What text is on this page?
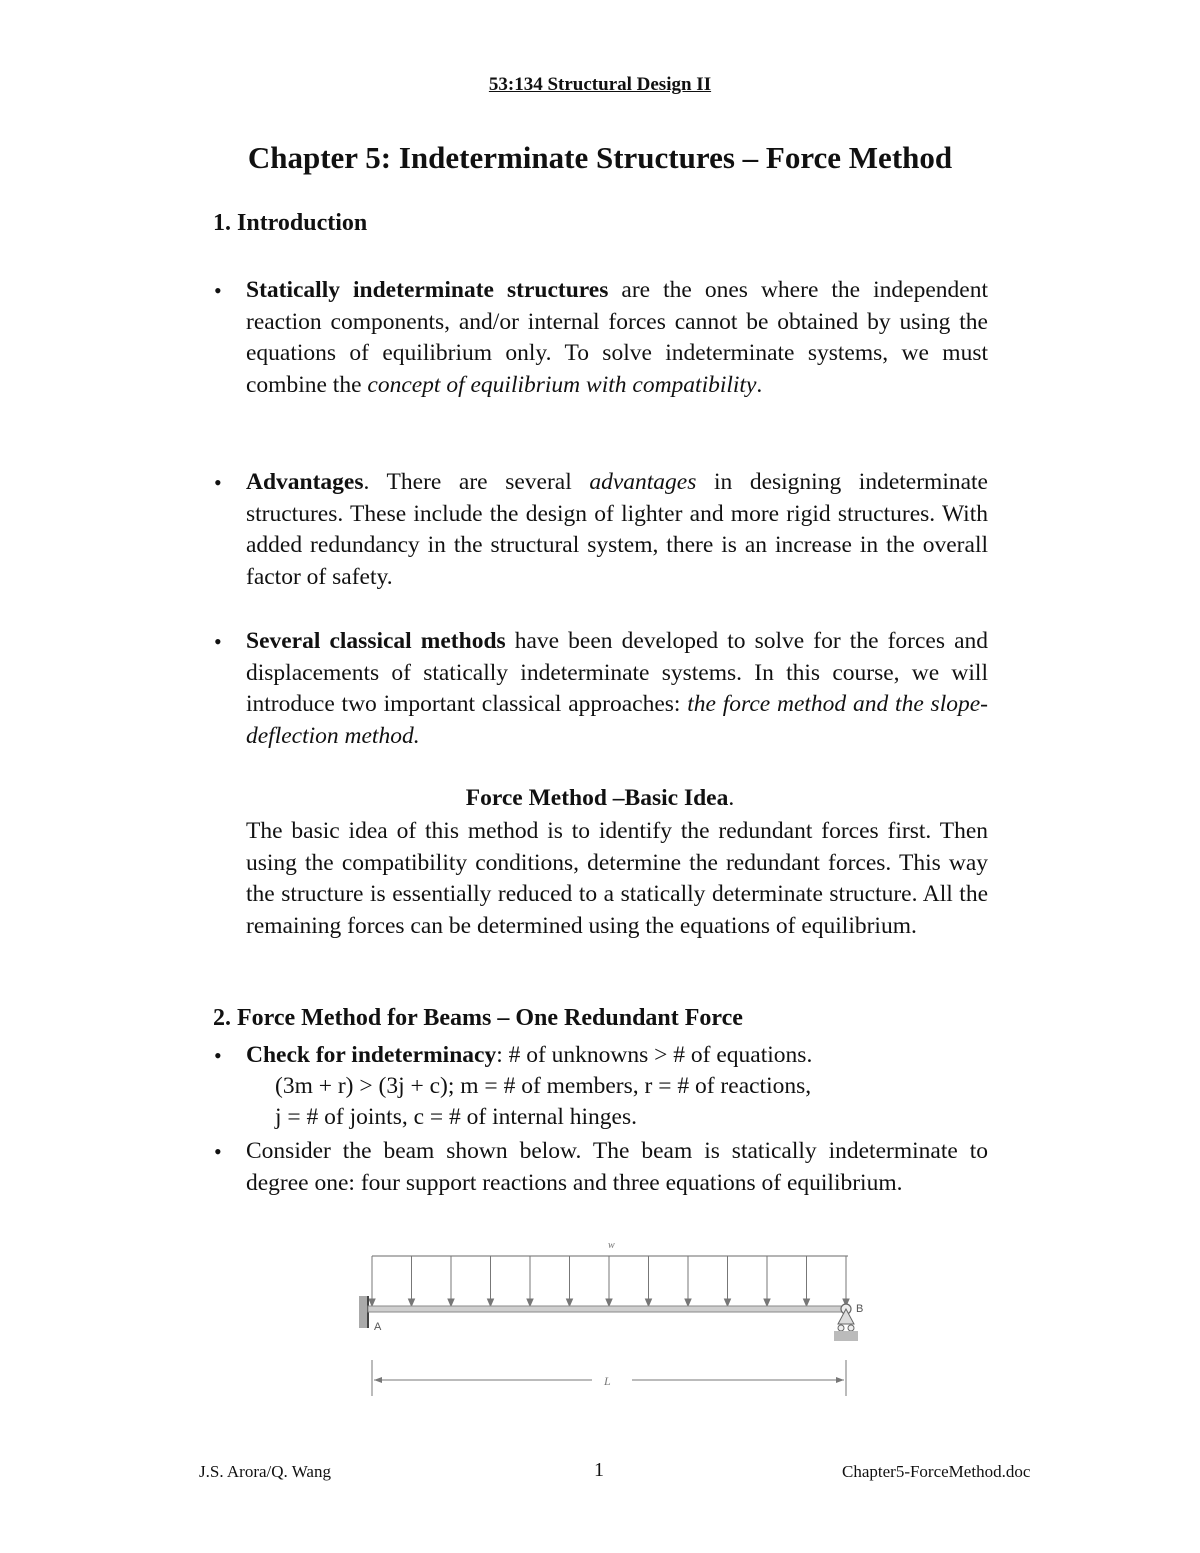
53:134 Structural Design II
Chapter 5: Indeterminate Structures – Force Method
1. Introduction
• Statically indeterminate structures are the ones where the independent reaction components, and/or internal forces cannot be obtained by using the equations of equilibrium only. To solve indeterminate systems, we must combine the concept of equilibrium with compatibility.
• Advantages. There are several advantages in designing indeterminate structures. These include the design of lighter and more rigid structures. With added redundancy in the structural system, there is an increase in the overall factor of safety.
• Several classical methods have been developed to solve for the forces and displacements of statically indeterminate systems. In this course, we will introduce two important classical approaches: the force method and the slope-deflection method.
Force Method –Basic Idea.
The basic idea of this method is to identify the redundant forces first. Then using the compatibility conditions, determine the redundant forces. This way the structure is essentially reduced to a statically determinate structure. All the remaining forces can be determined using the equations of equilibrium.
2. Force Method for Beams – One Redundant Force
• Check for indeterminacy: # of unknowns > # of equations.
(3m + r) > (3j + c); m = # of members, r = # of reactions,
j = # of joints, c = # of internal hinges.
• Consider the beam shown below. The beam is statically indeterminate to degree one: four support reactions and three equations of equilibrium.
w
A
B
L
J.S. Arora/Q. Wang	1	Chapter5-ForceMethod.doc
